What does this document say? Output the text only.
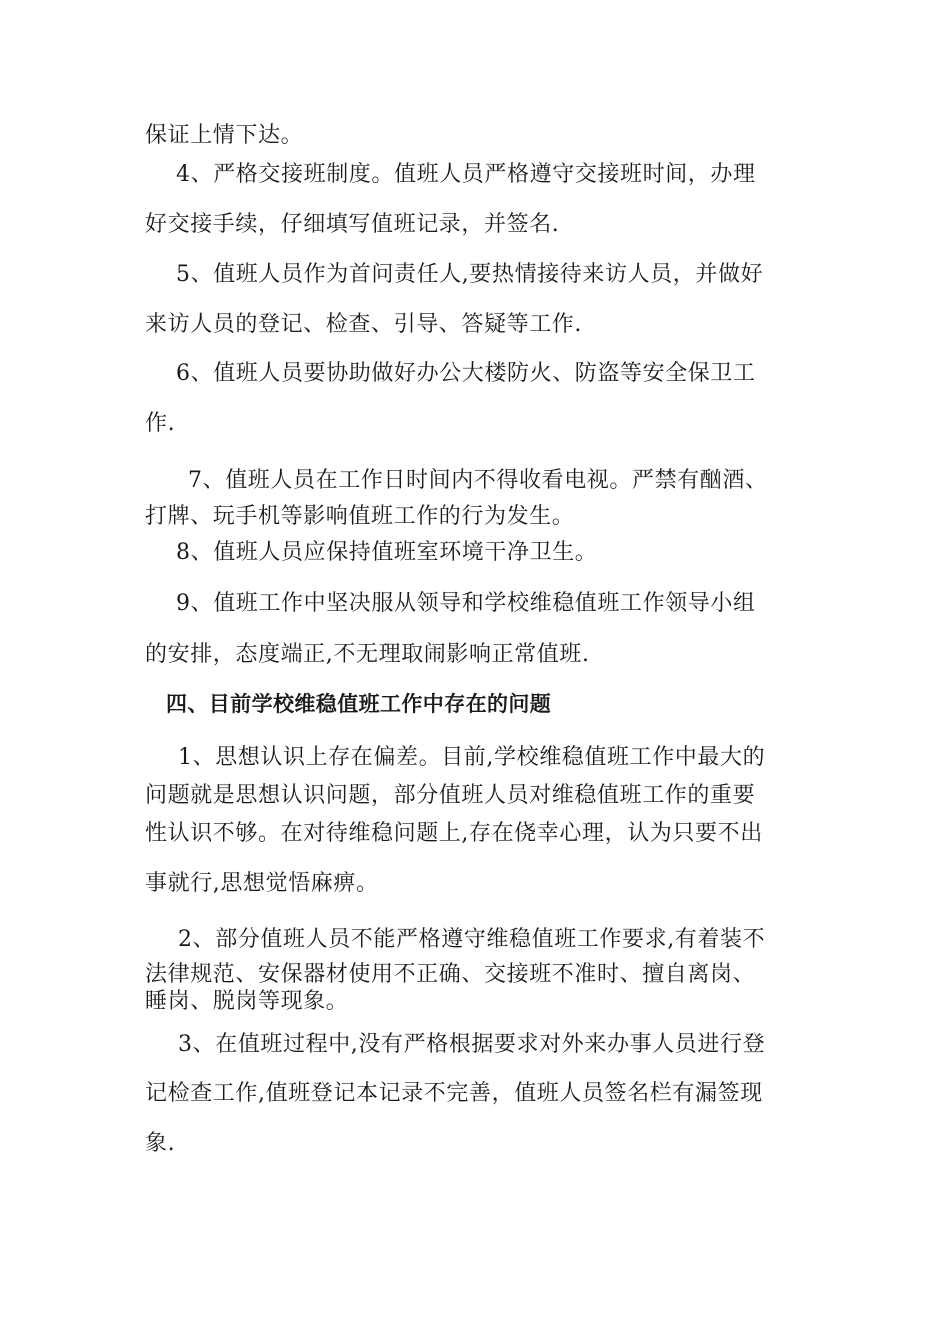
保证上情下达。
4、严格交接班制度。值班人员严格遵守交接班时间，办理
好交接手续，仔细填写值班记录，并签名.
5、值班人员作为首问责任人,要热情接待来访人员，并做好
来访人员的登记、检查、引导、答疑等工作.
6、值班人员要协助做好办公大楼防火、防盗等安全保卫工
作.
7、值班人员在工作日时间内不得收看电视。严禁有酗酒、
打牌、玩手机等影响值班工作的行为发生。
8、值班人员应保持值班室环境干净卫生。
9、值班工作中坚决服从领导和学校维稳值班工作领导小组
的安排，态度端正,不无理取闹影响正常值班.
四、目前学校维稳值班工作中存在的问题
1、思想认识上存在偏差。目前,学校维稳值班工作中最大的
问题就是思想认识问题，部分值班人员对维稳值班工作的重要
性认识不够。在对待维稳问题上,存在侥幸心理，认为只要不出
事就行,思想觉悟麻痹。
2、部分值班人员不能严格遵守维稳值班工作要求,有着装不
法律规范、安保器材使用不正确、交接班不准时、擅自离岗、
睡岗、脱岗等现象。
3、在值班过程中,没有严格根据要求对外来办事人员进行登
记检查工作,值班登记本记录不完善，值班人员签名栏有漏签现
象.
